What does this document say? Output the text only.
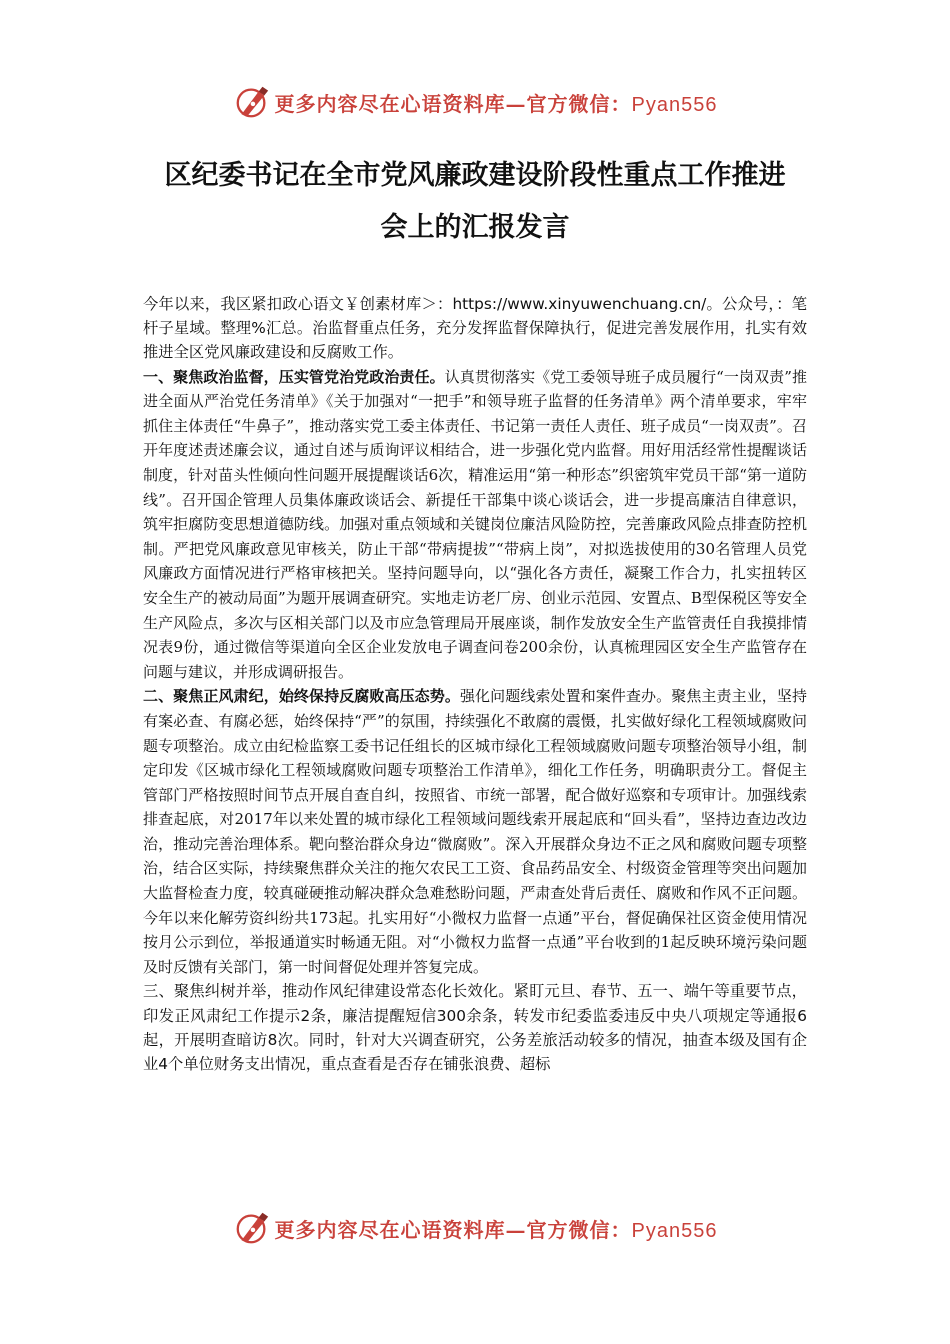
更多内容尽在心语资料库—官方微信：Pyan556
区纪委书记在全市党风廉政建设阶段性重点工作推进
会上的汇报发言

今年以来，我区紧扣政心语文￥创素材库＞：https://www.xinyuwenchuang.cn/。公众号，：笔杆子星域。整理%汇总。治监督重点任务，充分发挥监督保障执行，促进完善发展作用，扎实有效推进全区党风廉政建设和反腐败工作。

一、聚焦政治监督，压实管党治党政治责任。认真贯彻落实《党工委领导班子成员履行“一岗双责”推进全面从严治党任务清单》《关于加强对“一把手”和领导班子监督的任务清单》两个清单要求，牢牢抓住主体责任“牛鼻子”，推动落实党工委主体责任、书记第一责任人责任、班子成员“一岗双责”。召开年度述责述廉会议，通过自述与质询评议相结合，进一步强化党内监督。用好用活经常性提醒谈话制度，针对苗头性倾向性问题开展提醒谈话6次，精准运用“第一种形态”织密筑牢党员干部“第一道防线”。召开国企管理人员集体廉政谈话会、新提任干部集中谈心谈话会，进一步提高廉洁自律意识，筑牢拒腐防变思想道德防线。加强对重点领域和关键岗位廉洁风险防控，完善廉政风险点排查防控机制。严把党风廉政意见审核关，防止干部“带病提拔”“带病上岗”，对拟选拔使用的30名管理人员党风廉政方面情况进行严格审核把关。坚持问题导向，以“强化各方责任，凝聚工作合力，扎实扭转区安全生产的被动局面”为题开展调查研究。实地走访老厂房、创业示范园、安置点、B型保税区等安全生产风险点，多次与区相关部门以及市应急管理局开展座谈，制作发放安全生产监管责任自我摸排情况表9份，通过微信等渠道向全区企业发放电子调查问卷200余份，认真梳理园区安全生产监管存在问题与建议，并形成调研报告。

二、聚焦正风肃纪，始终保持反腐败高压态势。强化问题线索处置和案件查办。聚焦主责主业，坚持有案必查、有腐必惩，始终保持“严”的氛围，持续强化不敢腐的震慑，扎实做好绿化工程领域腐败问题专项整治。成立由纪检监察工委书记任组长的区城市绿化工程领域腐败问题专项整治领导小组，制定印发《区城市绿化工程领域腐败问题专项整治工作清单》，细化工作任务，明确职责分工。督促主管部门严格按照时间节点开展自查自纠，按照省、市统一部署，配合做好巡察和专项审计。加强线索排查起底，对2017年以来处置的城市绿化工程领域问题线索开展起底和“回头看”，坚持边查边改边治，推动完善治理体系。靶向整治群众身边“微腐败”。深入开展群众身边不正之风和腐败问题专项整治，结合区实际，持续聚焦群众关注的拖欠农民工工资、食品药品安全、村级资金管理等突出问题加大监督检查力度，较真碰硬推动解决群众急难愁盼问题，严肃查处背后责任、腐败和作风不正问题。今年以来化解劳资纠纷共173起。扎实用好“小微权力监督一点通”平台，督促确保社区资金使用情况按月公示到位，举报通道实时畅通无阻。对“小微权力监督一点通”平台收到的1起反映环境污染问题及时反馈有关部门，第一时间督促处理并答复完成。

三、聚焦纠树并举，推动作风纪律建设常态化长效化。紧盯元旦、春节、五一、端午等重要节点，印发正风肃纪工作提示2条，廉洁提醒短信300余条，转发市纪委监委违反中央八项规定等通报6起，开展明查暗访8次。同时，针对大兴调查研究，公务差旅活动较多的情况，抽查本级及国有企业4个单位财务支出情况，重点查看是否存在铺张浪费、超标

更多内容尽在心语资料库—官方微信：Pyan556
